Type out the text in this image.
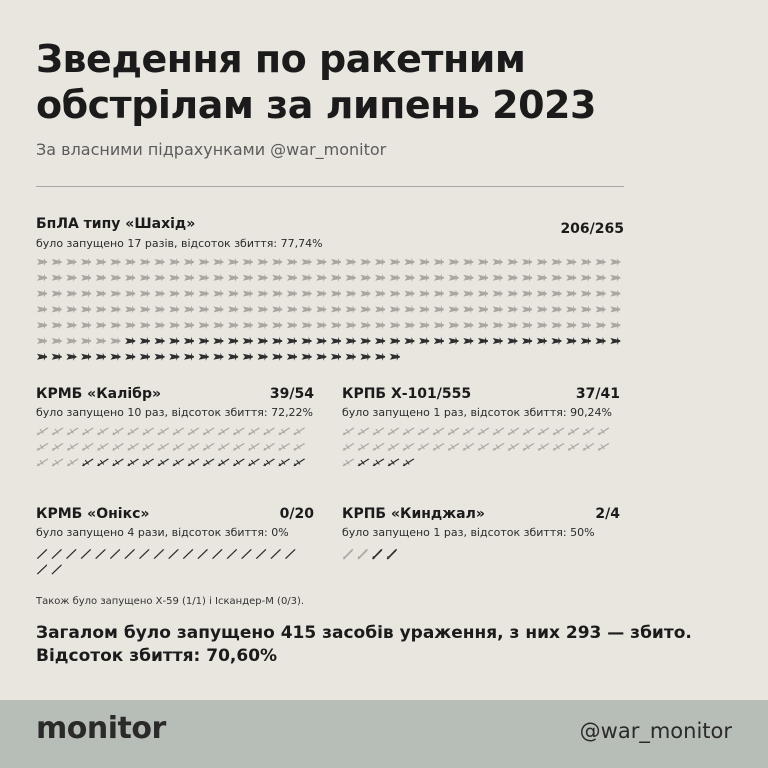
Зведення по ракетним обстрілам за липень 2023

За власними підрахунками @war_monitor

БпЛА типу «Шахід»	206/265
було запущено 17 разів, відсоток збиття: 77,74%
КРМБ «Калібр»	39/54
було запущено 10 раз, відсоток збиття: 72,22%
КРПБ Х-101/555	37/41
було запущено 1 раз, відсоток збиття: 90,24%
КРМБ «Онікс»	0/20
було запущено 4 рази, відсоток збиття: 0%
КРПБ «Кинджал»	2/4
було запущено 1 раз, відсоток збиття: 50%

Також було запущено Х-59 (1/1) і Іскандер-М (0/3).

Загалом було запущено 415 засобів ураження, з них 293 — збито.
Відсоток збиття: 70,60%

monitor	@war_monitor
